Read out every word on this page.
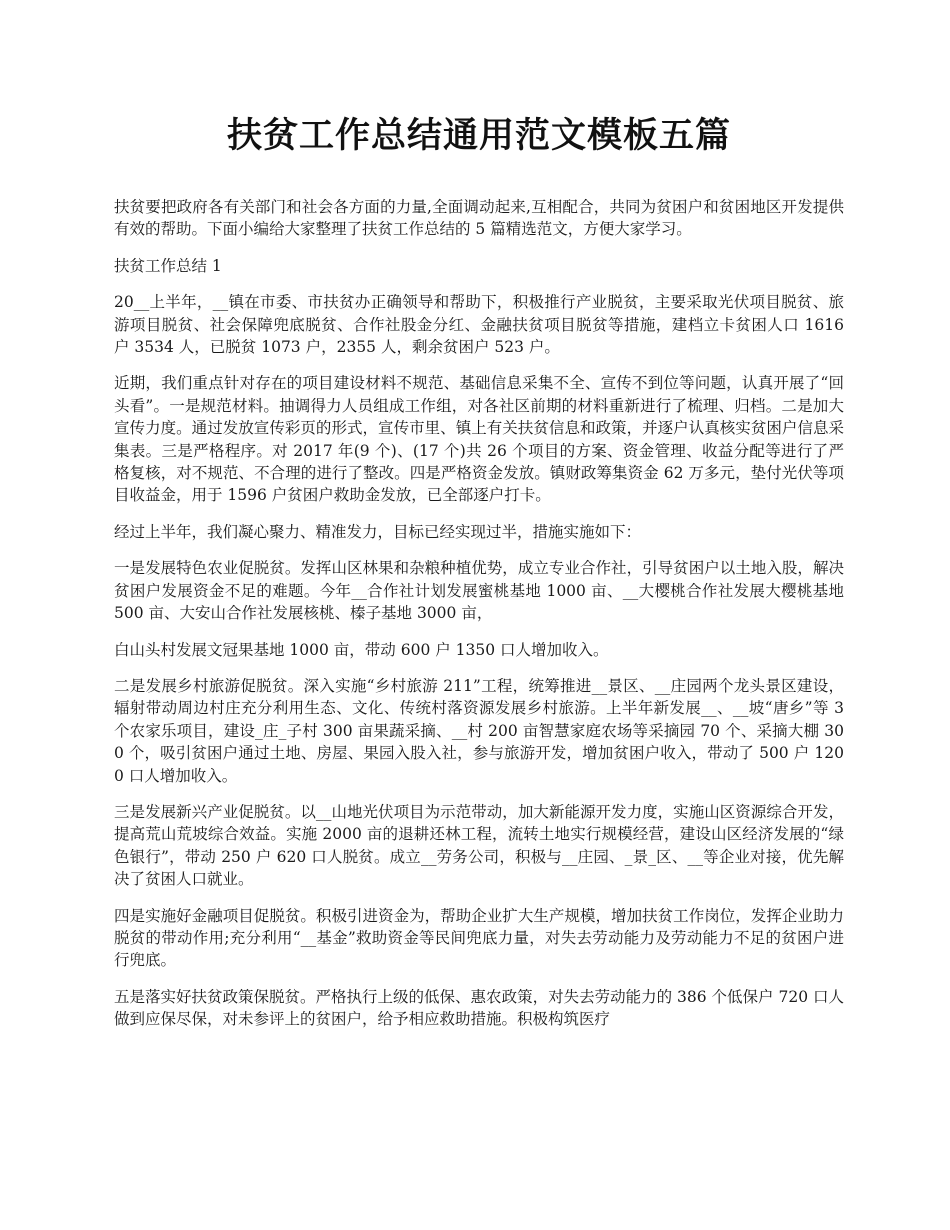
扶贫工作总结通用范文模板五篇

扶贫要把政府各有关部门和社会各方面的力量,全面调动起来,互相配合，共同为贫困户和贫困地区开发提供有效的帮助。下面小编给大家整理了扶贫工作总结的 5 篇精选范文，方便大家学习。

扶贫工作总结 1

20__上半年，__镇在市委、市扶贫办正确领导和帮助下，积极推行产业脱贫，主要采取光伏项目脱贫、旅游项目脱贫、社会保障兜底脱贫、合作社股金分红、金融扶贫项目脱贫等措施，建档立卡贫困人口 1616 户 3534 人，已脱贫 1073 户，2355 人，剩余贫困户 523 户。

近期，我们重点针对存在的项目建设材料不规范、基础信息采集不全、宣传不到位等问题，认真开展了“回头看”。一是规范材料。抽调得力人员组成工作组，对各社区前期的材料重新进行了梳理、归档。二是加大宣传力度。通过发放宣传彩页的形式，宣传市里、镇上有关扶贫信息和政策，并逐户认真核实贫困户信息采集表。三是严格程序。对 2017 年(9 个)、(17 个)共 26 个项目的方案、资金管理、收益分配等进行了严格复核，对不规范、不合理的进行了整改。四是严格资金发放。镇财政筹集资金 62 万多元，垫付光伏等项目收益金，用于 1596 户贫困户救助金发放，已全部逐户打卡。

经过上半年，我们凝心聚力、精准发力，目标已经实现过半，措施实施如下：

一是发展特色农业促脱贫。发挥山区林果和杂粮种植优势，成立专业合作社，引导贫困户以土地入股，解决贫困户发展资金不足的难题。今年__合作社计划发展蜜桃基地 1000 亩、__大樱桃合作社发展大樱桃基地 500 亩、大安山合作社发展核桃、榛子基地 3000 亩，

白山头村发展文冠果基地 1000 亩，带动 600 户 1350 口人增加收入。

二是发展乡村旅游促脱贫。深入实施“乡村旅游 211”工程，统筹推进__景区、__庄园两个龙头景区建设，辐射带动周边村庄充分利用生态、文化、传统村落资源发展乡村旅游。上半年新发展__、__坡“唐乡”等 3 个农家乐项目，建设_庄_子村 300 亩果蔬采摘、__村 200 亩智慧家庭农场等采摘园 70 个、采摘大棚 300 个，吸引贫困户通过土地、房屋、果园入股入社，参与旅游开发，增加贫困户收入，带动了 500 户 1200 口人增加收入。

三是发展新兴产业促脱贫。以__山地光伏项目为示范带动，加大新能源开发力度，实施山区资源综合开发，提高荒山荒坡综合效益。实施 2000 亩的退耕还林工程，流转土地实行规模经营，建设山区经济发展的“绿色银行”，带动 250 户 620 口人脱贫。成立__劳务公司，积极与__庄园、_景_区、__等企业对接，优先解决了贫困人口就业。

四是实施好金融项目促脱贫。积极引进资金为，帮助企业扩大生产规模，增加扶贫工作岗位，发挥企业助力脱贫的带动作用;充分利用“__基金”救助资金等民间兜底力量，对失去劳动能力及劳动能力不足的贫困户进行兜底。

五是落实好扶贫政策保脱贫。严格执行上级的低保、惠农政策，对失去劳动能力的 386 个低保户 720 口人做到应保尽保，对未参评上的贫困户，给予相应救助措施。积极构筑医疗
